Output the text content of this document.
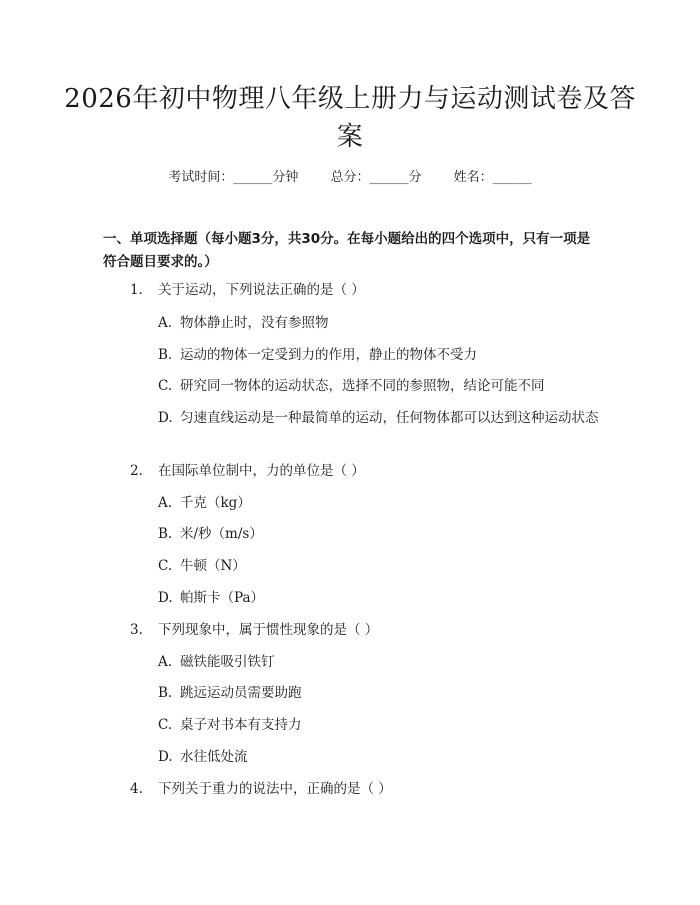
2026年初中物理八年级上册力与运动测试卷及答案
考试时间：______分钟 总分：______分 姓名：______

一、单项选择题（每小题3分，共30分。在每小题给出的四个选项中，只有一项是符合题目要求的。）

1. 关于运动，下列说法正确的是（ ）
A. 物体静止时，没有参照物
B. 运动的物体一定受到力的作用，静止的物体不受力
C. 研究同一物体的运动状态，选择不同的参照物，结论可能不同
D. 匀速直线运动是一种最简单的运动，任何物体都可以达到这种运动状态
2. 在国际单位制中，力的单位是（ ）
A. 千克（kg）
B. 米/秒（m/s）
C. 牛顿（N）
D. 帕斯卡（Pa）
3. 下列现象中，属于惯性现象的是（ ）
A. 磁铁能吸引铁钉
B. 跳远运动员需要助跑
C. 桌子对书本有支持力
D. 水往低处流
4. 下列关于重力的说法中，正确的是（ ）
